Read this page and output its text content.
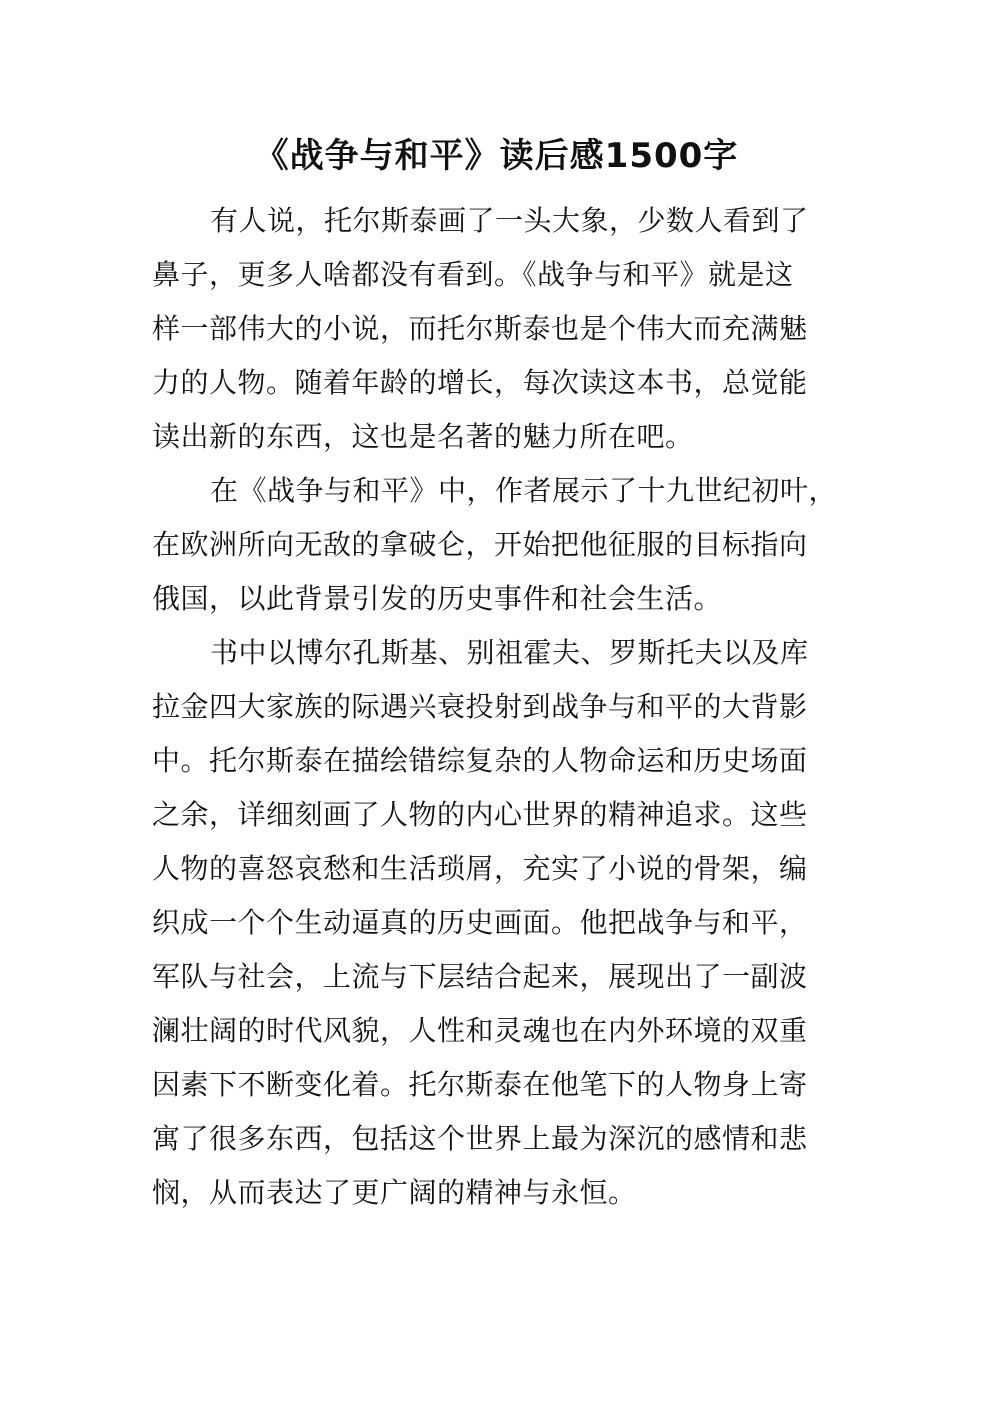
《战争与和平》读后感1500字

有人说，托尔斯泰画了一头大象，少数人看到了
鼻子，更多人啥都没有看到。《战争与和平》就是这
样一部伟大的小说，而托尔斯泰也是个伟大而充满魅
力的人物。随着年龄的增长，每次读这本书，总觉能
读出新的东西，这也是名著的魅力所在吧。

在《战争与和平》中，作者展示了十九世纪初叶，
在欧洲所向无敌的拿破仑，开始把他征服的目标指向
俄国，以此背景引发的历史事件和社会生活。

书中以博尔孔斯基、别祖霍夫、罗斯托夫以及库
拉金四大家族的际遇兴衰投射到战争与和平的大背影
中。托尔斯泰在描绘错综复杂的人物命运和历史场面
之余，详细刻画了人物的内心世界的精神追求。这些
人物的喜怒哀愁和生活琐屑，充实了小说的骨架，编
织成一个个生动逼真的历史画面。他把战争与和平，
军队与社会，上流与下层结合起来，展现出了一副波
澜壮阔的时代风貌，人性和灵魂也在内外环境的双重
因素下不断变化着。托尔斯泰在他笔下的人物身上寄
寓了很多东西，包括这个世界上最为深沉的感情和悲
悯，从而表达了更广阔的精神与永恒。
